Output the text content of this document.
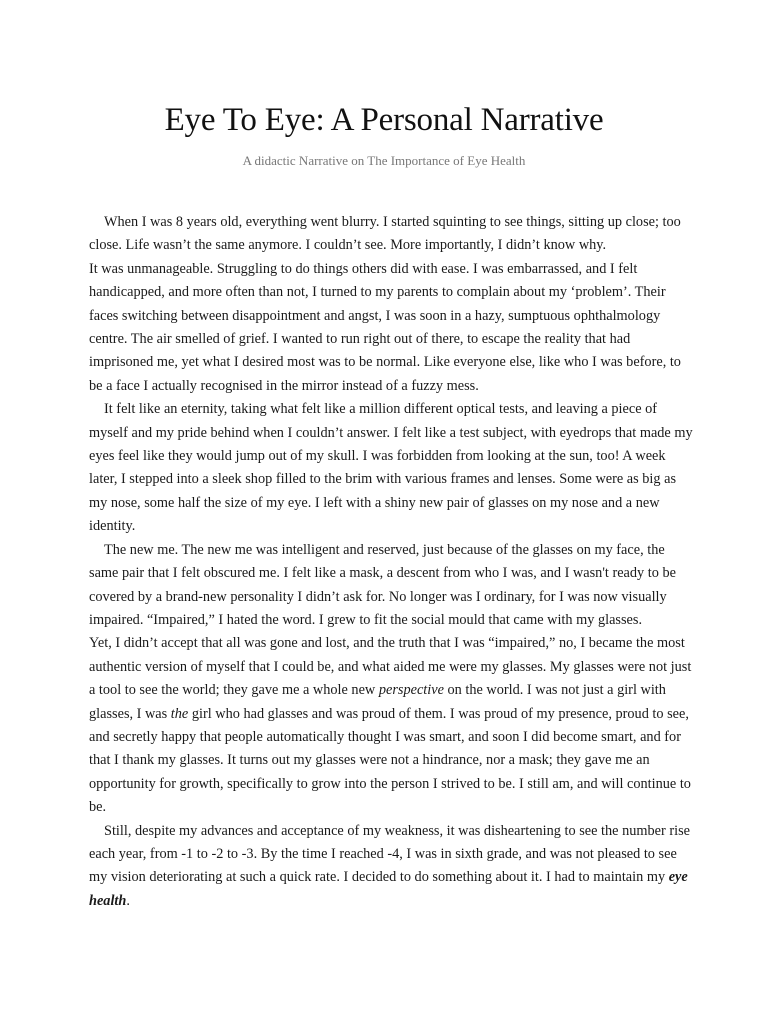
Eye To Eye: A Personal Narrative

A didactic Narrative on The Importance of Eye Health

When I was 8 years old, everything went blurry. I started squinting to see things, sitting up close; too close. Life wasn’t the same anymore. I couldn’t see. More importantly, I didn’t know why.

It was unmanageable. Struggling to do things others did with ease. I was embarrassed, and I felt handicapped, and more often than not, I turned to my parents to complain about my ‘problem’. Their faces switching between disappointment and angst, I was soon in a hazy, sumptuous ophthalmology centre. The air smelled of grief. I wanted to run right out of there, to escape the reality that had imprisoned me, yet what I desired most was to be normal. Like everyone else, like who I was before, to be a face I actually recognised in the mirror instead of a fuzzy mess.

It felt like an eternity, taking what felt like a million different optical tests, and leaving a piece of myself and my pride behind when I couldn’t answer. I felt like a test subject, with eyedrops that made my eyes feel like they would jump out of my skull. I was forbidden from looking at the sun, too! A week later, I stepped into a sleek shop filled to the brim with various frames and lenses. Some were as big as my nose, some half the size of my eye. I left with a shiny new pair of glasses on my nose and a new identity.

The new me. The new me was intelligent and reserved, just because of the glasses on my face, the same pair that I felt obscured me. I felt like a mask, a descent from who I was, and I wasn't ready to be covered by a brand-new personality I didn’t ask for. No longer was I ordinary, for I was now visually impaired. “Impaired,” I hated the word. I grew to fit the social mould that came with my glasses.

Yet, I didn’t accept that all was gone and lost, and the truth that I was “impaired,” no, I became the most authentic version of myself that I could be, and what aided me were my glasses. My glasses were not just a tool to see the world; they gave me a whole new perspective on the world. I was not just a girl with glasses, I was the girl who had glasses and was proud of them. I was proud of my presence, proud to see, and secretly happy that people automatically thought I was smart, and soon I did become smart, and for that I thank my glasses. It turns out my glasses were not a hindrance, nor a mask; they gave me an opportunity for growth, specifically to grow into the person I strived to be. I still am, and will continue to be.

Still, despite my advances and acceptance of my weakness, it was disheartening to see the number rise each year, from -1 to -2 to -3. By the time I reached -4, I was in sixth grade, and was not pleased to see my vision deteriorating at such a quick rate. I decided to do something about it. I had to maintain my eye health.
